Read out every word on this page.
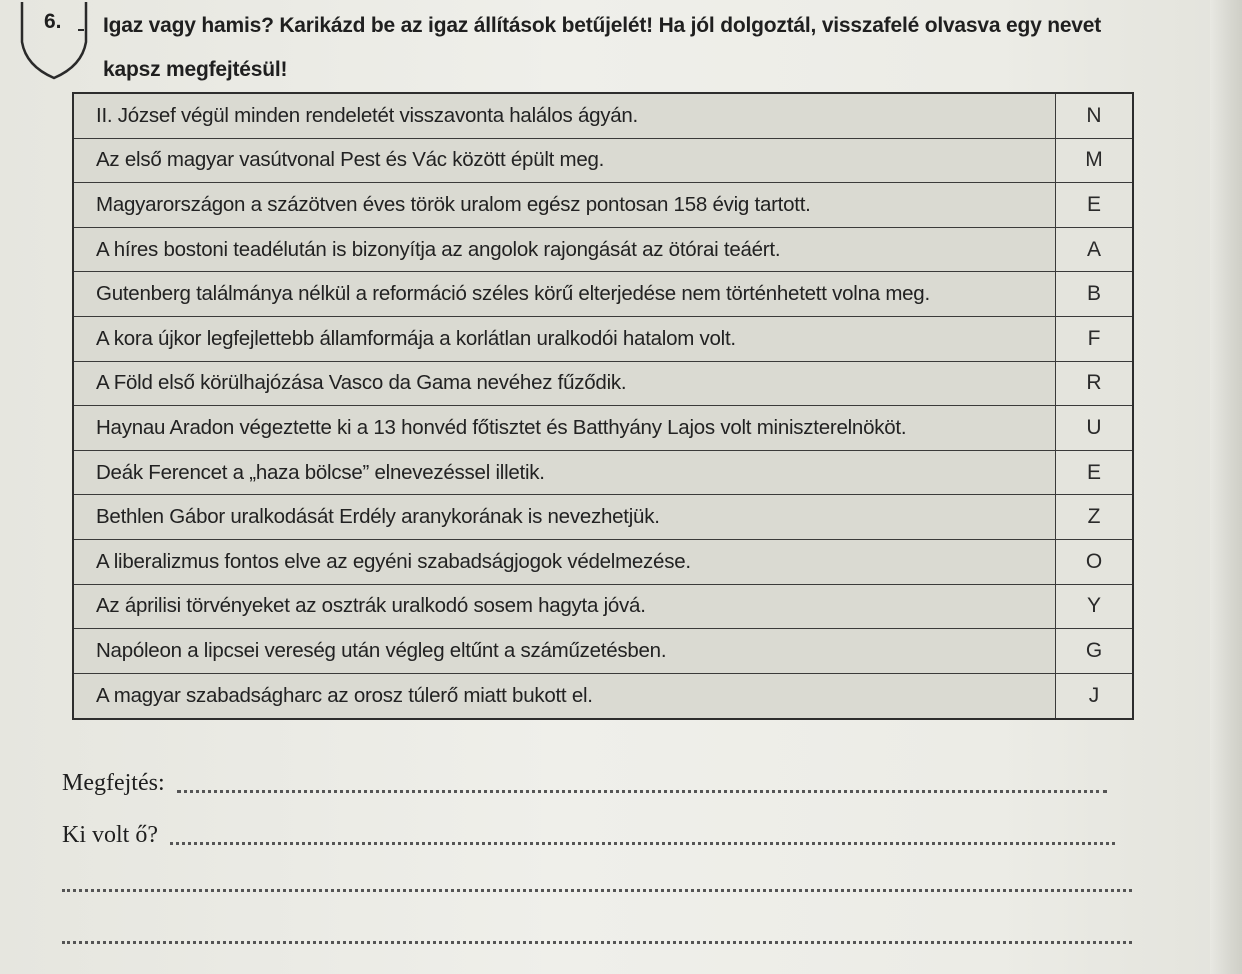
6. Igaz vagy hamis? Karikázd be az igaz állítások betűjelét! Ha jól dolgoztál, visszafelé olvasva egy nevet kapsz megfejtésül!
II. József végül minden rendeletét visszavonta halálos ágyán.	N
Az első magyar vasútvonal Pest és Vác között épült meg.	M
Magyarországon a százötven éves török uralom egész pontosan 158 évig tartott.	E
A híres bostoni teadélután is bizonyítja az angolok rajongását az ötórai teáért.	A
Gutenberg találmánya nélkül a reformáció széles körű elterjedése nem történhetett volna meg.	B
A kora újkor legfejlettebb államformája a korlátlan uralkodói hatalom volt.	F
A Föld első körülhajózása Vasco da Gama nevéhez fűződik.	R
Haynau Aradon végeztette ki a 13 honvéd főtisztet és Batthyány Lajos volt miniszterelnököt.	U
Deák Ferencet a „haza bölcse” elnevezéssel illetik.	E
Bethlen Gábor uralkodását Erdély aranykorának is nevezhetjük.	Z
A liberalizmus fontos elve az egyéni szabadságjogok védelmezése.	O
Az áprilisi törvényeket az osztrák uralkodó sosem hagyta jóvá.	Y
Napóleon a lipcsei vereség után végleg eltűnt a száműzetésben.	G
A magyar szabadságharc az orosz túlerő miatt bukott el.	J
Megfejtés:
Ki volt ő?
